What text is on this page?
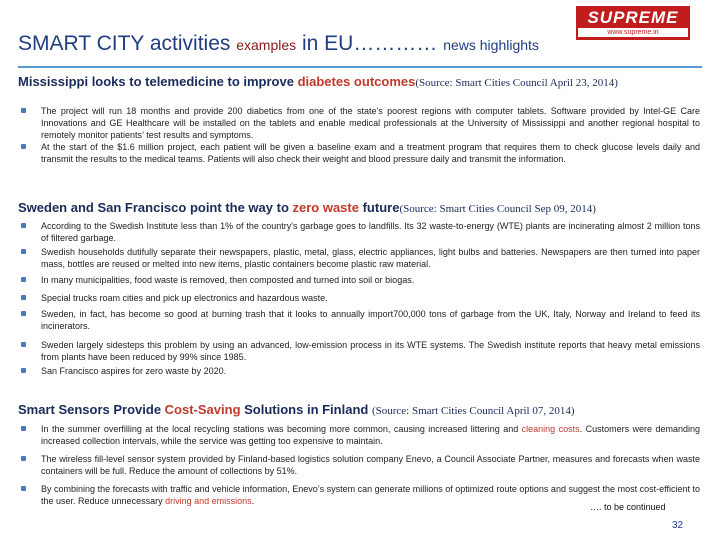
SMART CITY activities examples in EU………… news highlights
SUPREME
www.supreme.in
Mississippi looks to telemedicine to improve diabetes outcomes(Source: Smart Cities Council April 23, 2014)
The project will run 18 months and provide 200 diabetics from one of the state’s poorest regions with computer tablets. Software provided by Intel-GE Care Innovations and GE Healthcare will be installed on the tablets and enable medical professionals at the University of Mississippi and another regional hospital to remotely monitor patients’ test results and symptoms.
At the start of the $1.6 million project, each patient will be given a baseline exam and a treatment program that requires them to check glucose levels daily and transmit the results to the medical teams. Patients will also check their weight and blood pressure daily and transmit the information.
Sweden and San Francisco point the way to zero waste future(Source: Smart Cities Council Sep 09, 2014)
According to the Swedish Institute less than 1% of the country's garbage goes to landfills. Its 32 waste-to-energy (WTE) plants are incinerating almost 2 million tons of filtered garbage.
Swedish households dutifully separate their newspapers, plastic, metal, glass, electric appliances, light bulbs and batteries. Newspapers are then turned into paper mass, bottles are reused or melted into new items, plastic containers become plastic raw material.
In many municipalities, food waste is removed, then composted and turned into soil or biogas.
Special trucks roam cities and pick up electronics and hazardous waste.
Sweden, in fact, has become so good at burning trash that it looks to annually import700,000 tons of garbage from the UK, Italy, Norway and Ireland to feed its incinerators.
Sweden largely sidesteps this problem by using an advanced, low-emission process in its WTE systems. The Swedish institute reports that heavy metal emissions from plants have been reduced by 99% since 1985.
San Francisco aspires for zero waste by 2020.
Smart Sensors Provide Cost-Saving Solutions in Finland (Source: Smart Cities Council April 07, 2014)
In the summer overfilling at the local recycling stations was becoming more common, causing increased littering and cleaning costs. Customers were demanding increased collection intervals, while the service was getting too expensive to maintain.
The wireless fill-level sensor system provided by Finland-based logistics solution company Enevo, a Council Associate Partner, measures and forecasts when waste containers will be full. Reduce the amount of collections by 51%.
By combining the forecasts with traffic and vehicle information, Enevo’s system can generate millions of optimized route options and suggest the most cost-efficient to the user. Reduce unnecessary driving and emissions.
…. to be continued
32
